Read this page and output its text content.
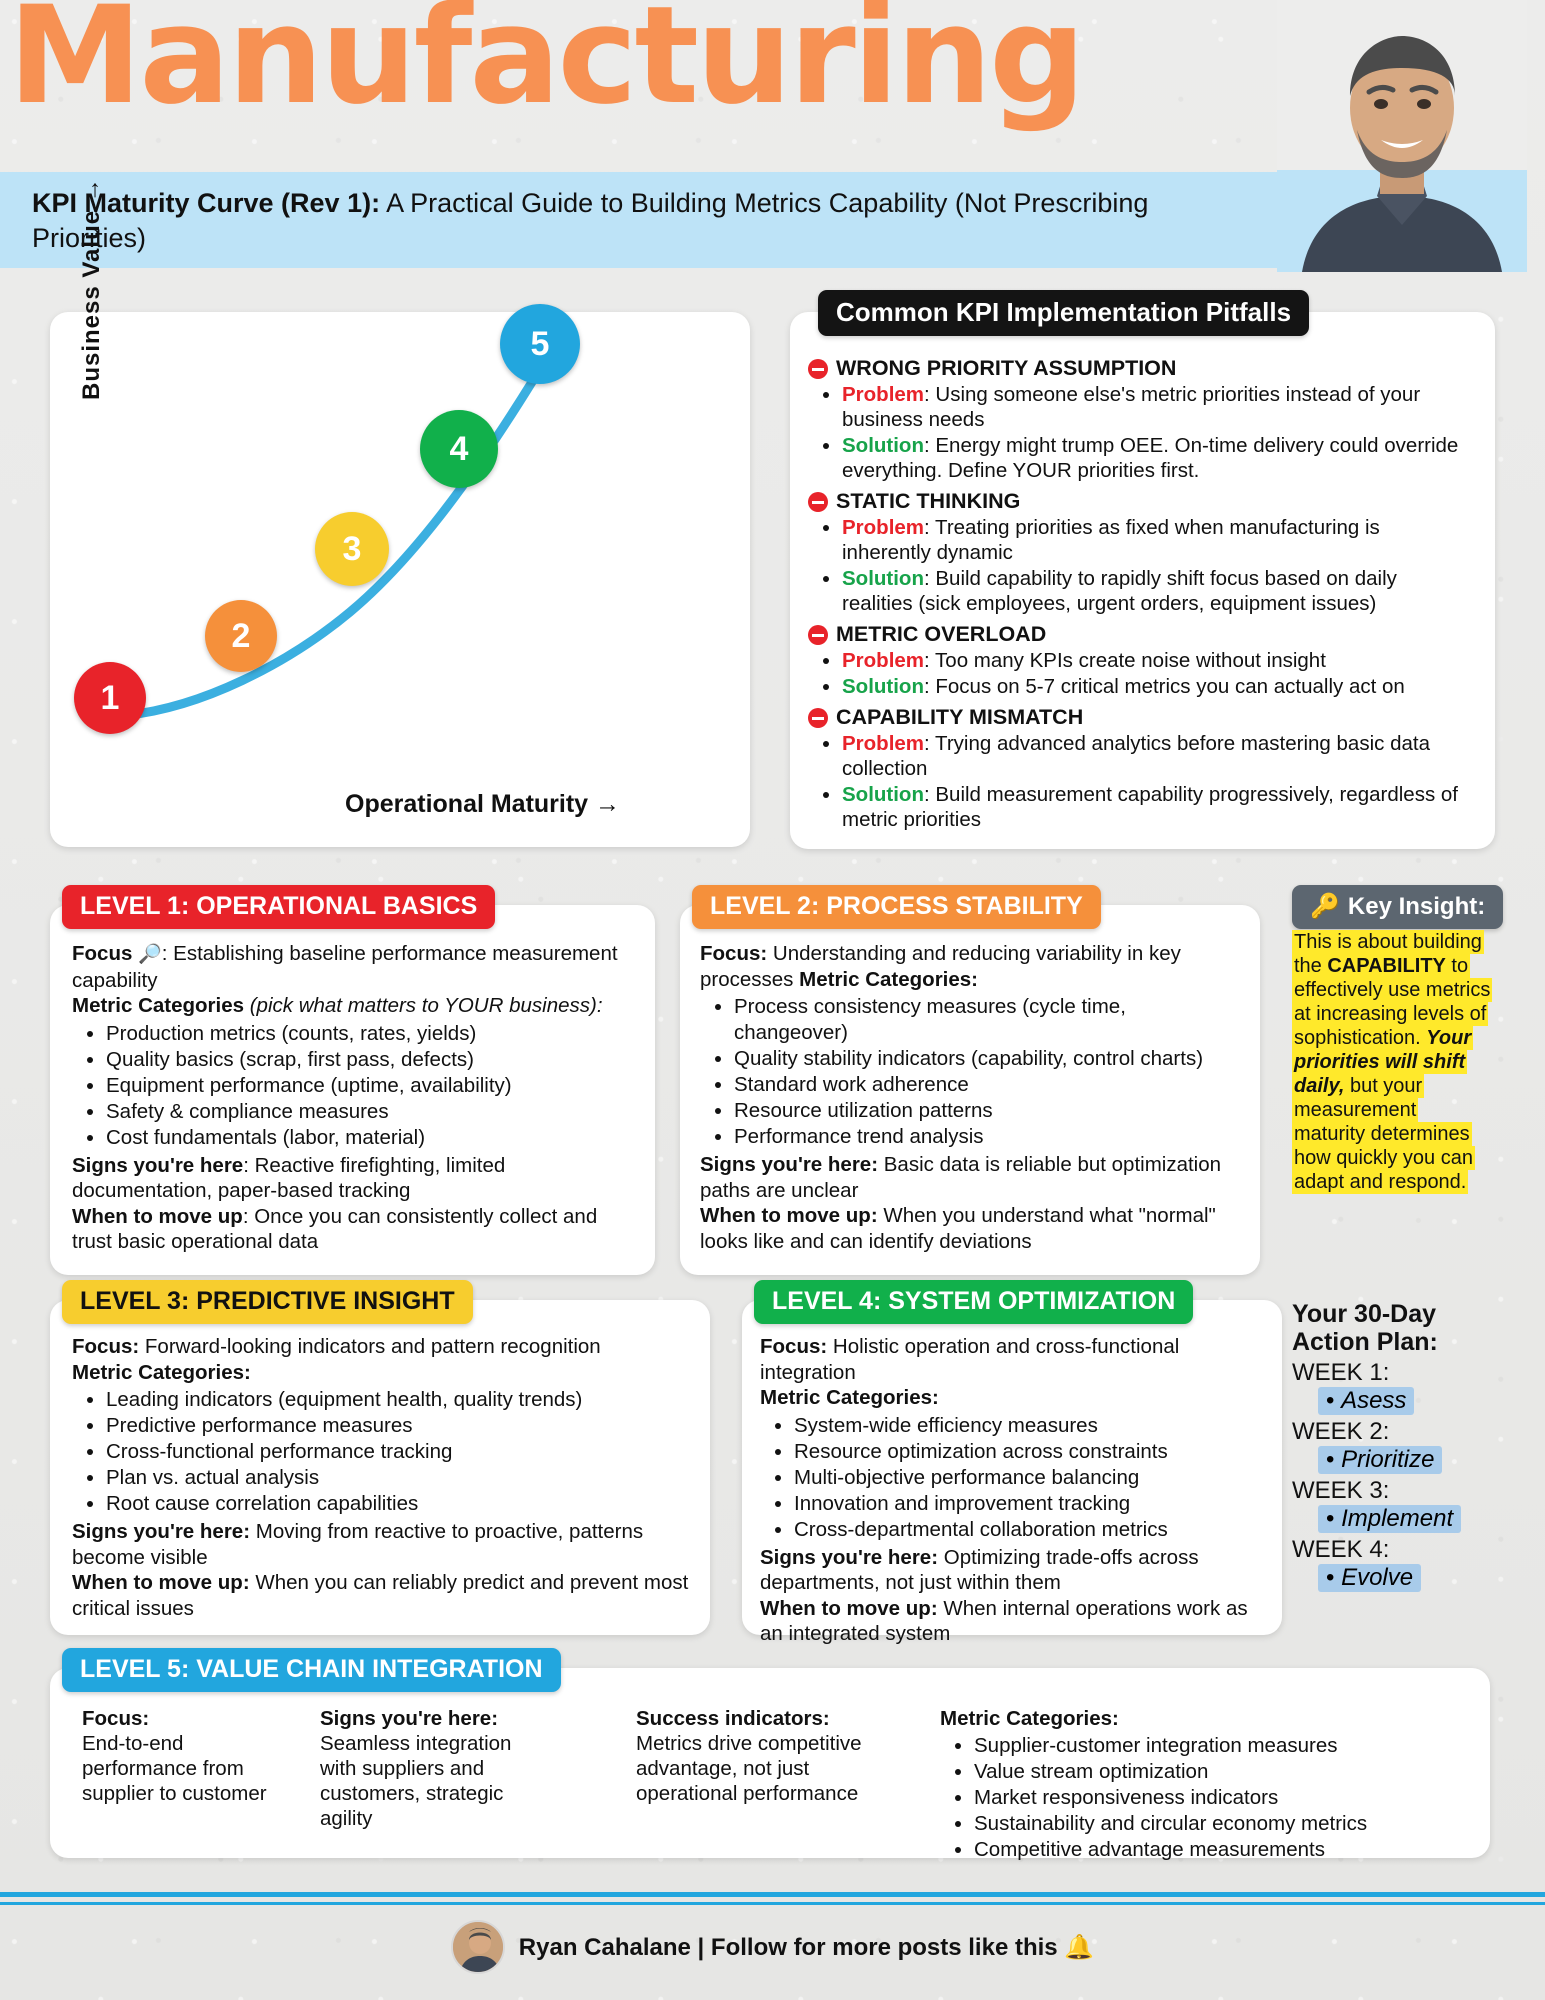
Manufacturing
KPI Maturity Curve (Rev 1): A Practical Guide to Building Metrics Capability (Not Prescribing Priorities)
1
2
3
4
5
Business Value →
Operational Maturity →
WRONG PRIORITY ASSUMPTION
• Problem: Using someone else's metric priorities instead of your business needs
• Solution: Energy might trump OEE. On-time delivery could override everything. Define YOUR priorities first.
STATIC THINKING
• Problem: Treating priorities as fixed when manufacturing is inherently dynamic
• Solution: Build capability to rapidly shift focus based on daily realities (sick employees, urgent orders, equipment issues)
METRIC OVERLOAD
• Problem: Too many KPIs create noise without insight
• Solution: Focus on 5-7 critical metrics you can actually act on
CAPABILITY MISMATCH
• Problem: Trying advanced analytics before mastering basic data collection
• Solution: Build measurement capability progressively, regardless of metric priorities
Common KPI Implementation Pitfalls
Focus 🔎: Establishing baseline performance measurement capability
Metric Categories (pick what matters to YOUR business):
• Production metrics (counts, rates, yields)
• Quality basics (scrap, first pass, defects)
• Equipment performance (uptime, availability)
• Safety & compliance measures
• Cost fundamentals (labor, material)
Signs you're here: Reactive firefighting, limited documentation, paper-based tracking
When to move up: Once you can consistently collect and trust basic operational data
LEVEL 1: OPERATIONAL BASICS
Focus: Understanding and reducing variability in key processes Metric Categories:
• Process consistency measures (cycle time, changeover)
• Quality stability indicators (capability, control charts)
• Standard work adherence
• Resource utilization patterns
• Performance trend analysis
Signs you're here: Basic data is reliable but optimization paths are unclear
When to move up: When you understand what "normal" looks like and can identify deviations
LEVEL 2: PROCESS STABILITY
Focus: Forward-looking indicators and pattern recognition
Metric Categories:
• Leading indicators (equipment health, quality trends)
• Predictive performance measures
• Cross-functional performance tracking
• Plan vs. actual analysis
• Root cause correlation capabilities
Signs you're here: Moving from reactive to proactive, patterns become visible
When to move up: When you can reliably predict and prevent most critical issues
LEVEL 3: PREDICTIVE INSIGHT
Focus: Holistic operation and cross-functional integration
Metric Categories:
• System-wide efficiency measures
• Resource optimization across constraints
• Multi-objective performance balancing
• Innovation and improvement tracking
• Cross-departmental collaboration metrics
Signs you're here: Optimizing trade-offs across departments, not just within them
When to move up: When internal operations work as an integrated system
LEVEL 4: SYSTEM OPTIMIZATION
🔑 Key Insight:
This is about building the CAPABILITY to effectively use metrics at increasing levels of sophistication. Your priorities will shift daily, but your measurement maturity determines how quickly you can adapt and respond.
Your 30-Day Action Plan:
WEEK 1:
• Asess
WEEK 2:
• Prioritize
WEEK 3:
• Implement
WEEK 4:
• Evolve
LEVEL 5: VALUE CHAIN INTEGRATION
Focus:
End-to-end performance from supplier to customer
Signs you're here:
Seamless integration with suppliers and customers, strategic agility
Success indicators:
Metrics drive competitive advantage, not just operational performance
Metric Categories:
• Supplier-customer integration measures
• Value stream optimization
• Market responsiveness indicators
• Sustainability and circular economy metrics
• Competitive advantage measurements
Ryan Cahalane | Follow for more posts like this 🔔
